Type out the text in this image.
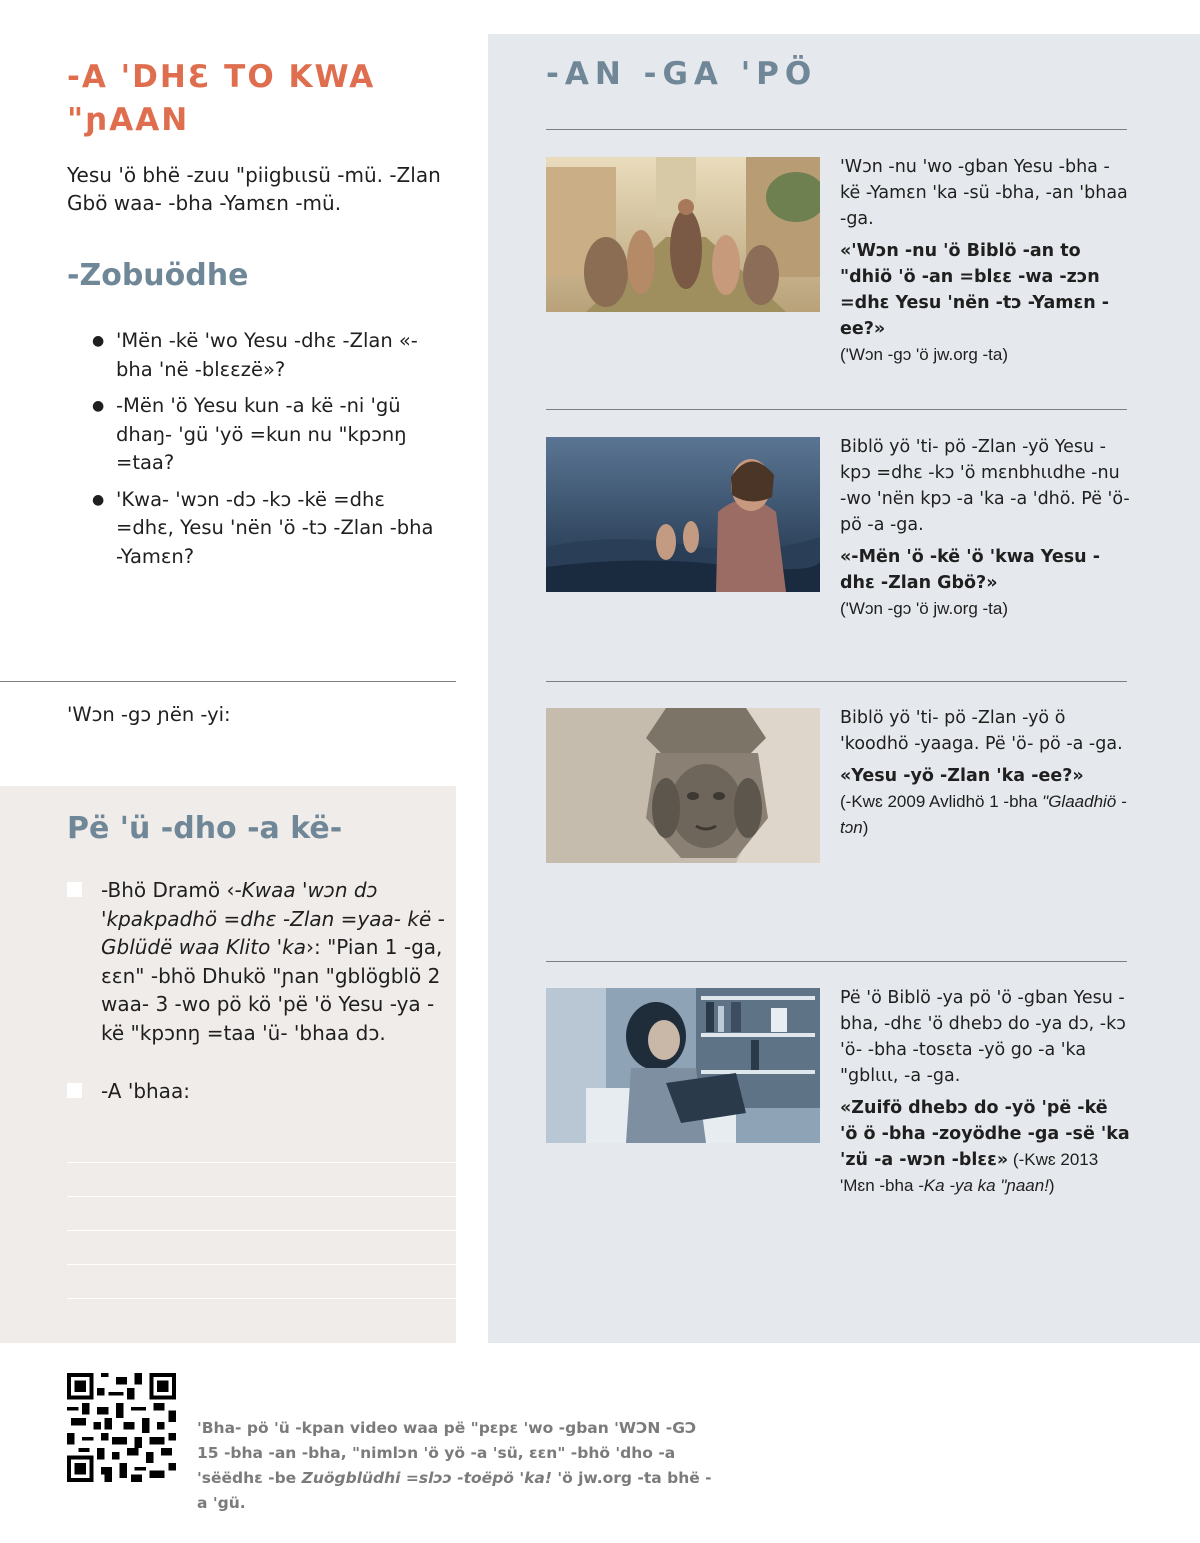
-A 'DHƐ TO KWA "ɲAAN

Yesu 'ö bhë -zuu "piigbɩɩsü -mü. -Zlan Gbö waa- -bha -Yamɛn -mü.

-Zobuödhe
● 'Mën -kë 'wo Yesu -dhɛ -Zlan «-bha 'në -blɛɛzë»?
● -Mën 'ö Yesu kun -a kë -ni 'gü dhaŋ- 'gü 'yö =kun nu "kpɔnŋ =taa?
● 'Kwa- 'wɔn -dɔ -kɔ -kë =dhɛ =dhɛ, Yesu 'nën 'ö -tɔ -Zlan -bha -Yamɛn?
'Wɔn -gɔ ɲën -yi:
Pë 'ü -dho -a kë-
-Bhö Dramö ‹-Kwaa 'wɔn dɔ 'kpakpadhö =dhɛ -Zlan =yaa- kë -Gblüdë waa Klito 'ka›: "Pian 1 -ga, ɛɛn" -bhö Dhukö "ɲan "gblögblö 2 waa- 3 -wo pö kö 'pë 'ö Yesu -ya -kë "kpɔnŋ =taa 'ü- 'bhaa dɔ.
-A 'bhaa:
-AN -GA 'PÖ

'Wɔn -nu 'wo -gban Yesu -bha -kë -Yamɛn 'ka -sü -bha, -an 'bhaa -ga.

«'Wɔn -nu 'ö Biblö -an to "dhiö 'ö -an =blɛɛ -wa -zɔn =dhɛ Yesu 'nën -tɔ -Yamɛn -ee?»

('Wɔn -gɔ 'ö jw.org -ta)

Biblö yö 'ti- pö -Zlan -yö Yesu -kpɔ =dhɛ -kɔ 'ö mɛnbhɩɩdhe -nu -wo 'nën kpɔ -a 'ka -a 'dhö. Pë 'ö- pö -a -ga.

«-Mën 'ö -kë 'ö 'kwa Yesu -dhɛ -Zlan Gbö?»

('Wɔn -gɔ 'ö jw.org -ta)

Biblö yö 'ti- pö -Zlan -yö ö 'koodhö -yaaga. Pë 'ö- pö -a -ga.

«Yesu -yö -Zlan 'ka -ee?»

(-Kwɛ 2009 Avlidhö 1 -bha "Glaadhiö -tɔn)

Pë 'ö Biblö -ya pö 'ö -gban Yesu -bha, -dhɛ 'ö dhebɔ do -ya dɔ, -kɔ 'ö- -bha -tosɛta -yö go -a 'ka "gblɩɩɩ, -a -ga.

«Zuifö dhebɔ do -yö 'pë -kë 'ö ö -bha -zoyödhe -ga -së 'ka 'zü -a -wɔn -blɛɛ» (-Kwɛ 2013 'Mɛn -bha -Ka -ya ka "ɲaan!)

'Bha- pö 'ü -kpan video waa pë "pɛpɛ 'wo -gban 'WƆN -GƆ 15 -bha -an -bha, "nimlɔn 'ö yö -a 'sü, ɛɛn" -bhö 'dho -a 'sëëdhɛ -be Zuögblüdhi =slɔɔ -toëpö 'ka! 'ö jw.org -ta bhë -a 'gü.
